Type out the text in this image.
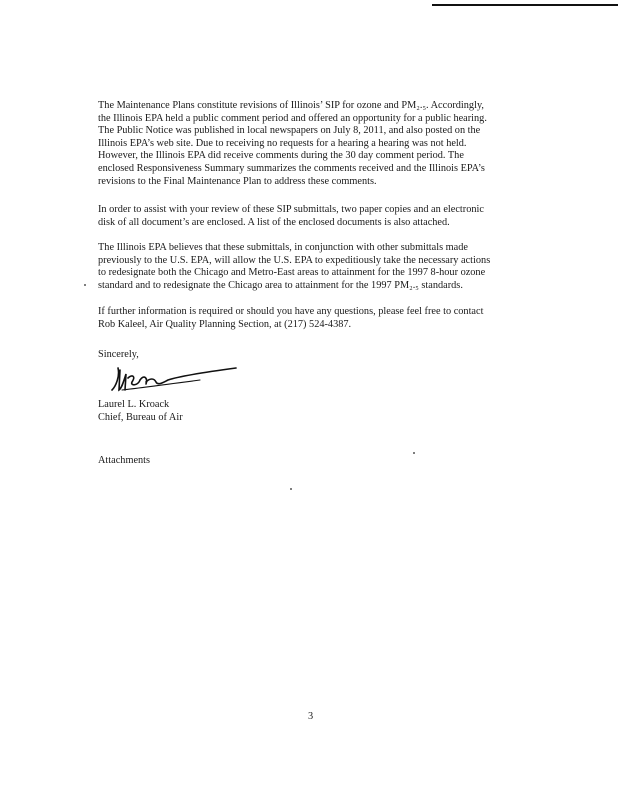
The Maintenance Plans constitute revisions of Illinois’ SIP for ozone and PM₂.₅. Accordingly,
the Illinois EPA held a public comment period and offered an opportunity for a public hearing.
The Public Notice was published in local newspapers on July 8, 2011, and also posted on the
Illinois EPA’s web site. Due to receiving no requests for a hearing a hearing was not held.
However, the Illinois EPA did receive comments during the 30 day comment period. The
enclosed Responsiveness Summary summarizes the comments received and the Illinois EPA’s
revisions to the Final Maintenance Plan to address these comments.

In order to assist with your review of these SIP submittals, two paper copies and an electronic
disk of all document’s are enclosed. A list of the enclosed documents is also attached.

The Illinois EPA believes that these submittals, in conjunction with other submittals made
previously to the U.S. EPA, will allow the U.S. EPA to expeditiously take the necessary actions
to redesignate both the Chicago and Metro-East areas to attainment for the 1997 8-hour ozone
standard and to redesignate the Chicago area to attainment for the 1997 PM₂.₅ standards.

If further information is required or should you have any questions, please feel free to contact
Rob Kaleel, Air Quality Planning Section, at (217) 524-4387.

Sincerely,
Laurel L. Kroack
Chief, Bureau of Air
Attachments
3
